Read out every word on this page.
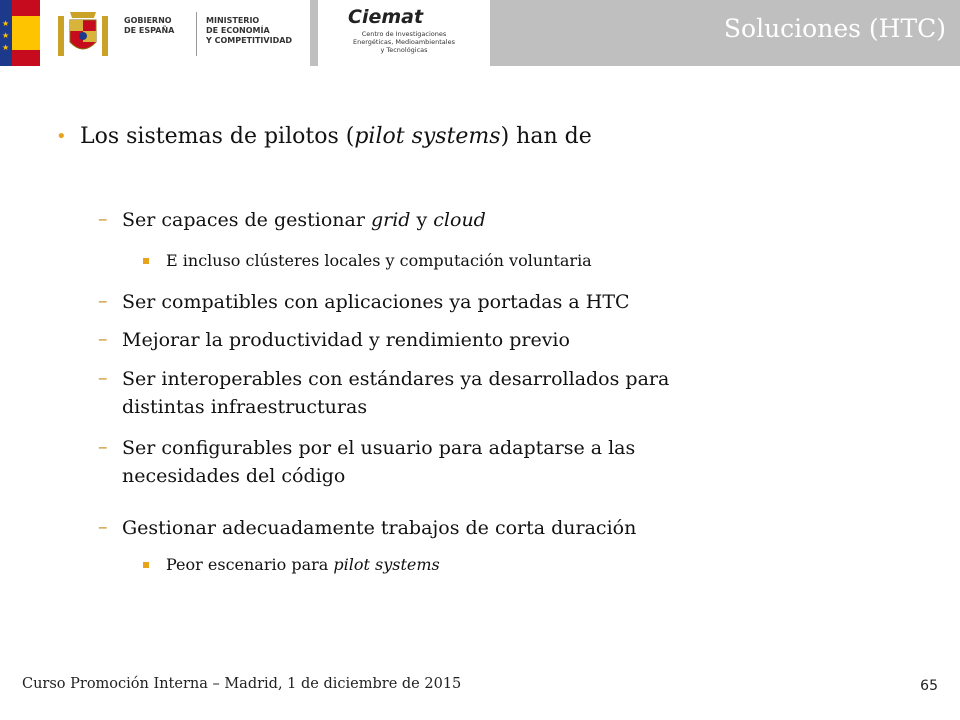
★
★
★
GOBIERNO
DE ESPAÑA
MINISTERIO
DE ECONOMÍA
Y COMPETITIVIDAD
Ciemat
Centro de Investigaciones
Energéticas, Medioambientales
y Tecnológicas
Soluciones (HTC)
• Los sistemas de pilotos (pilot systems) han de
– Ser capaces de gestionar grid y cloud
E incluso clústeres locales y computación voluntaria
– Ser compatibles con aplicaciones ya portadas a HTC
– Mejorar la productividad y rendimiento previo
– Ser interoperables con estándares ya desarrollados para
distintas infraestructuras
– Ser configurables por el usuario para adaptarse a las
necesidades del código
– Gestionar adecuadamente trabajos de corta duración
Peor escenario para pilot systems
Curso Promoción Interna – Madrid, 1 de diciembre de 2015	65
